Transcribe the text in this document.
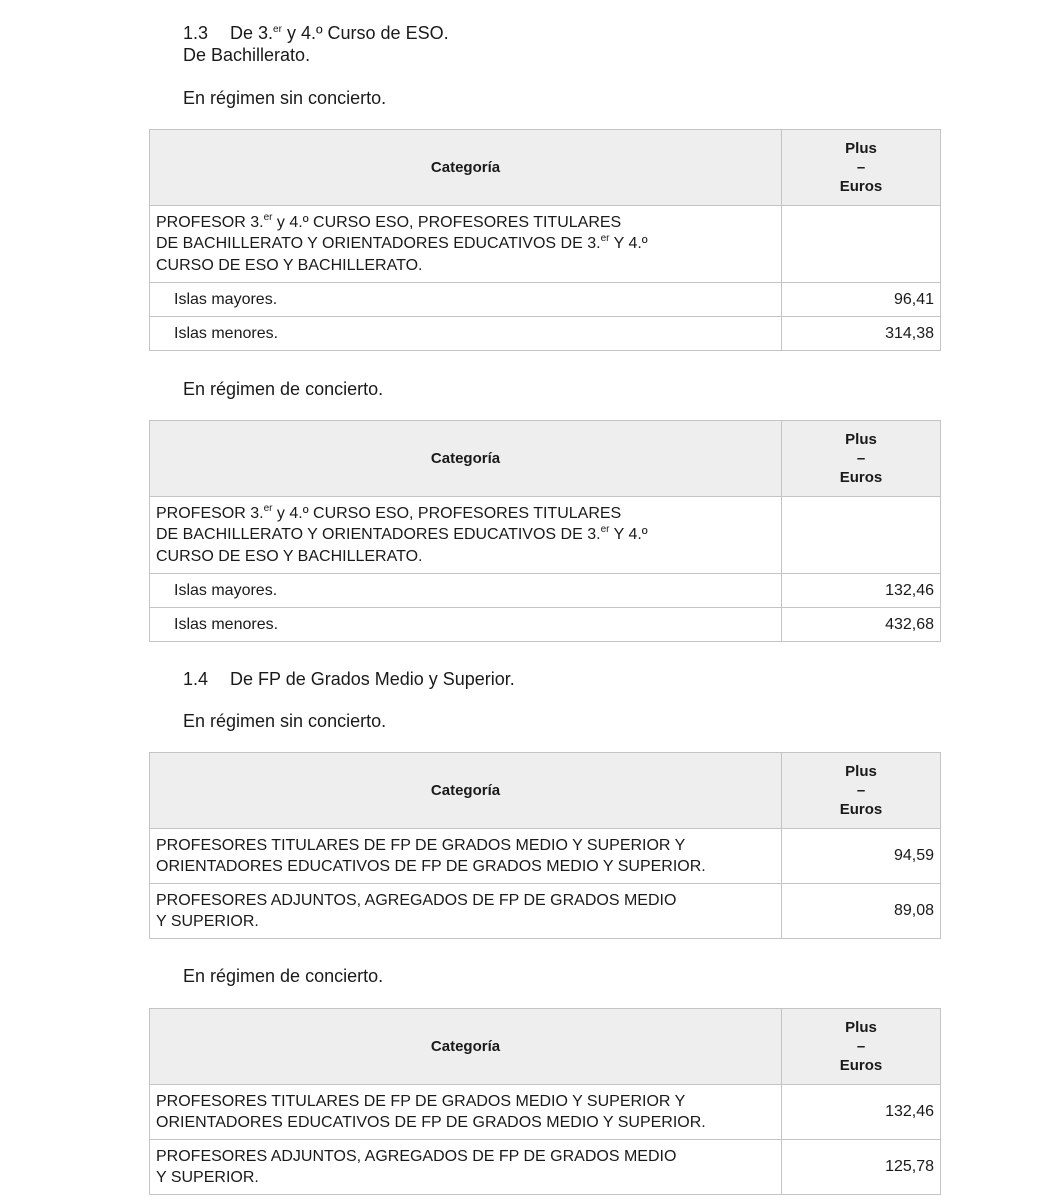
1.3 De 3.$^{er}$ y 4.º Curso de ESO.
De Bachillerato.

En régimen sin concierto.

Categoría	Plus
–
Euros

PROFESOR 3.$^{er}$ y 4.º CURSO ESO, PROFESORES TITULARES
DE BACHILLERATO Y ORIENTADORES EDUCATIVOS DE 3.$^{er}$ Y 4.º
CURSO DE ESO Y BACHILLERATO.	
Islas mayores.	96,41
Islas menores.	314,38

En régimen de concierto.

Categoría	Plus
–
Euros

PROFESOR 3.$^{er}$ y 4.º CURSO ESO, PROFESORES TITULARES
DE BACHILLERATO Y ORIENTADORES EDUCATIVOS DE 3.$^{er}$ Y 4.º
CURSO DE ESO Y BACHILLERATO.	
Islas mayores.	132,46
Islas menores.	432,68
1.4 De FP de Grados Medio y Superior.

En régimen sin concierto.

Categoría	Plus
–
Euros

PROFESORES TITULARES DE FP DE GRADOS MEDIO Y SUPERIOR Y
ORIENTADORES EDUCATIVOS DE FP DE GRADOS MEDIO Y SUPERIOR.	94,59
PROFESORES ADJUNTOS, AGREGADOS DE FP DE GRADOS MEDIO
Y SUPERIOR.	89,08

En régimen de concierto.

Categoría	Plus
–
Euros

PROFESORES TITULARES DE FP DE GRADOS MEDIO Y SUPERIOR Y
ORIENTADORES EDUCATIVOS DE FP DE GRADOS MEDIO Y SUPERIOR.	132,46
PROFESORES ADJUNTOS, AGREGADOS DE FP DE GRADOS MEDIO
Y SUPERIOR.	125,78
